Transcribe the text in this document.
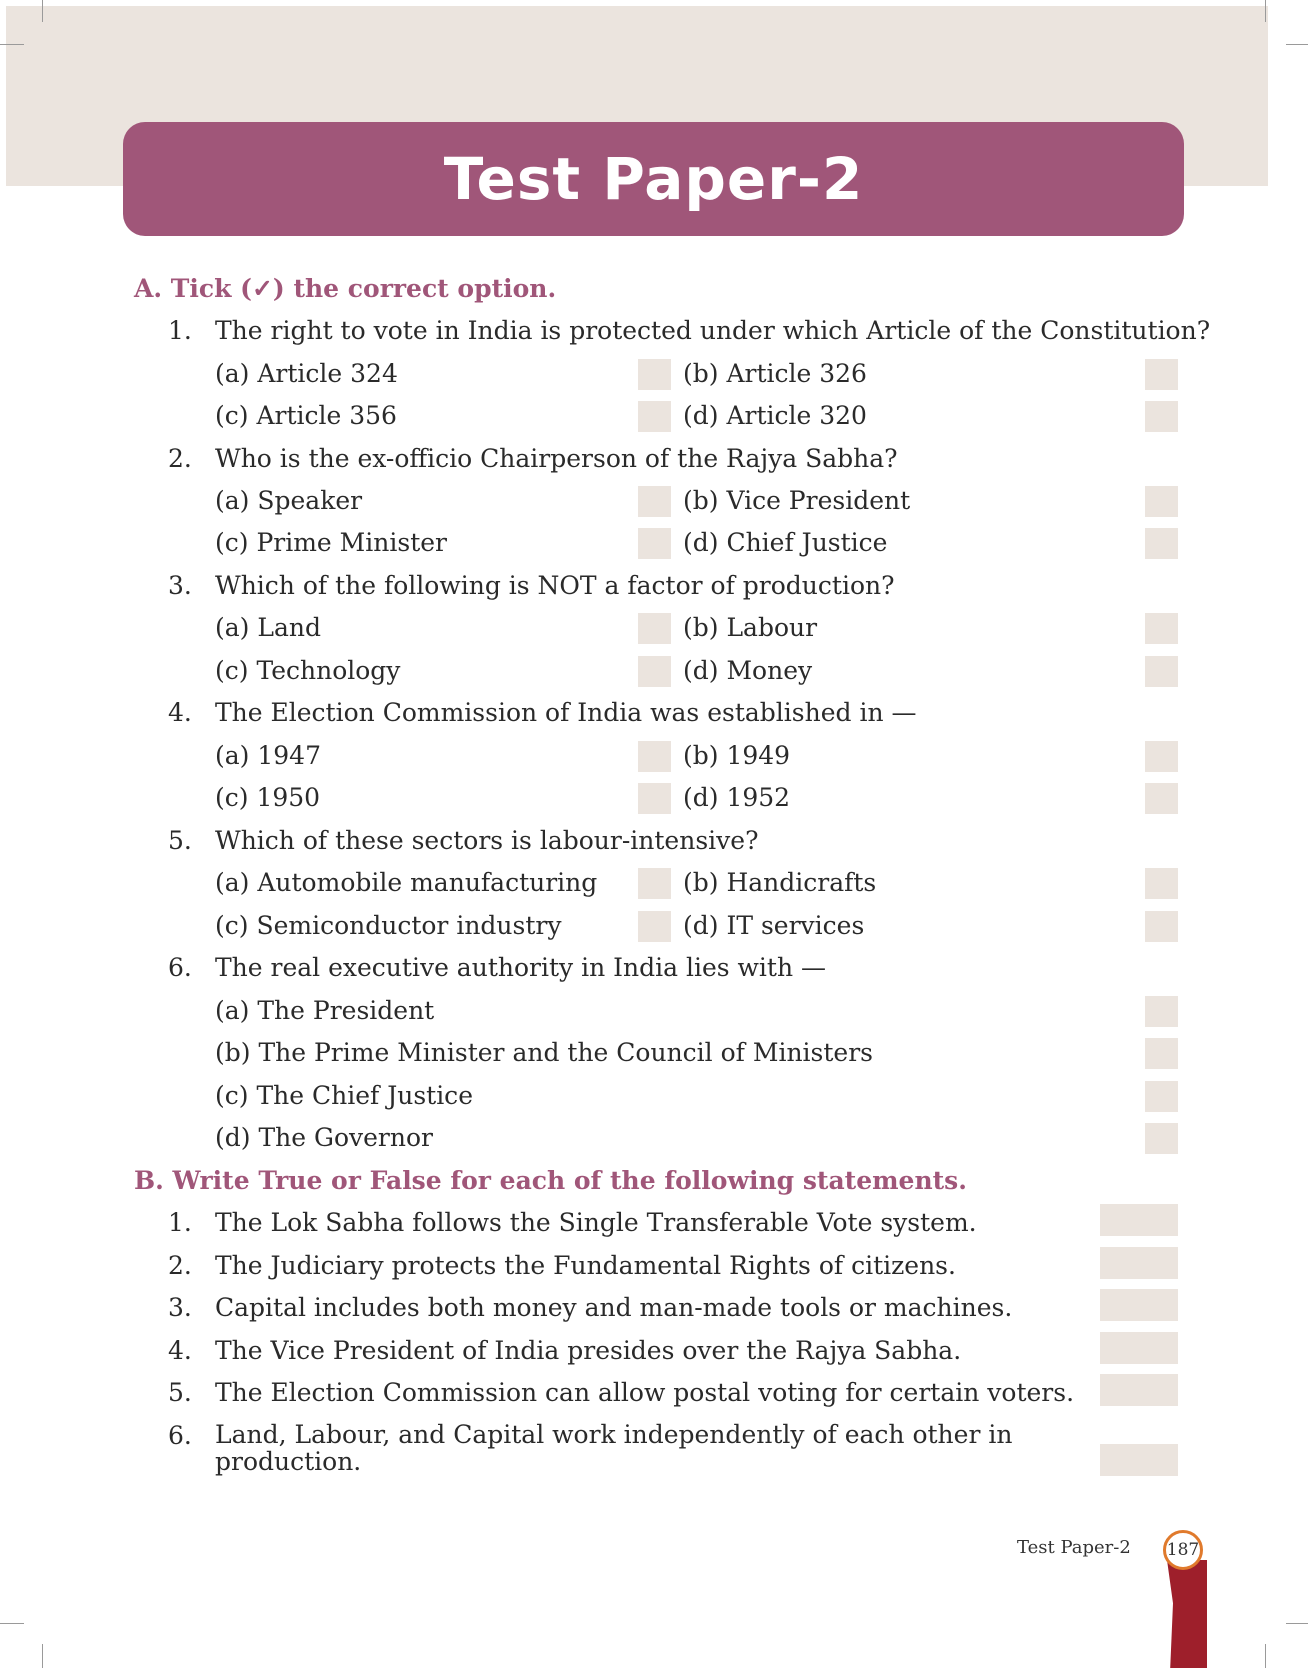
Test Paper-2
A. Tick (✓) the correct option.
1. The right to vote in India is protected under which Article of the Constitution?
(a) Article 324	(b) Article 326
(c) Article 356	(d) Article 320
2. Who is the ex-officio Chairperson of the Rajya Sabha?
(a) Speaker	(b) Vice President
(c) Prime Minister	(d) Chief Justice
3. Which of the following is NOT a factor of production?
(a) Land	(b) Labour
(c) Technology	(d) Money
4. The Election Commission of India was established in —
(a) 1947	(b) 1949
(c) 1950	(d) 1952
5. Which of these sectors is labour-intensive?
(a) Automobile manufacturing	(b) Handicrafts
(c) Semiconductor industry	(d) IT services
6. The real executive authority in India lies with —
(a) The President
(b) The Prime Minister and the Council of Ministers
(c) The Chief Justice
(d) The Governor
B. Write True or False for each of the following statements.
1. The Lok Sabha follows the Single Transferable Vote system.
2. The Judiciary protects the Fundamental Rights of citizens.
3. Capital includes both money and man-made tools or machines.
4. The Vice President of India presides over the Rajya Sabha.
5. The Election Commission can allow postal voting for certain voters.
6. Land, Labour, and Capital work independently of each other in production.
Test Paper-2 187
